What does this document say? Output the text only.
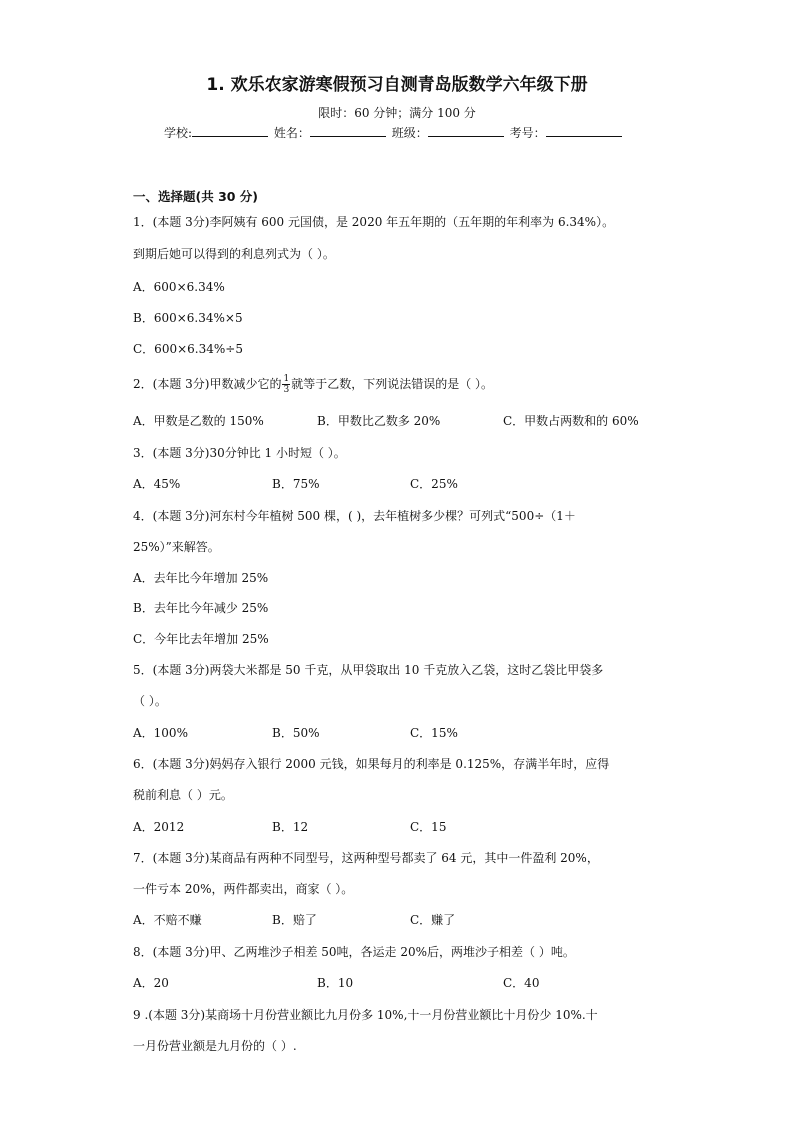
1. 欢乐农家游寒假预习自测青岛版数学六年级下册
限时：60 分钟；满分 100 分
学校:	姓名：	班级：	考号：
一、选择题(共 30 分)
1．(本题 3分)李阿姨有 600 元国债，是 2020 年五年期的（五年期的年利率为 6.34%）。
到期后她可以得到的利息列式为（ ）。
A．600×6.34%
B．600×6.34%×5
C．600×6.34%÷5
2．(本题 3分)甲数减少它的 $\frac{1}{3}$ 就等于乙数，下列说法错误的是（ ）。
A．甲数是乙数的 150%	B．甲数比乙数多 20%	C．甲数占两数和的 60%
3．(本题 3分)30分钟比 1 小时短（ ）。
A．45%	B．75%	C．25%
4．(本题 3分)河东村今年植树 500 棵，( )，去年植树多少棵？可列式“500÷（1＋
25%）”来解答。
A．去年比今年增加 25%
B．去年比今年减少 25%
C．今年比去年增加 25%
5．(本题 3分)两袋大米都是 50 千克，从甲袋取出 10 千克放入乙袋，这时乙袋比甲袋多
（ ）。
A．100%	B．50%	C．15%
6．(本题 3分)妈妈存入银行 2000 元钱，如果每月的利率是 0.125%，存满半年时，应得
税前利息（ ）元。
A．2012	B．12	C．15
7．(本题 3分)某商品有两种不同型号，这两种型号都卖了 64 元，其中一件盈利 20%，
一件亏本 20%，两件都卖出，商家（ ）。
A．不赔不赚	B．赔了	C．赚了
8．(本题 3分)甲、乙两堆沙子相差 50吨，各运走 20%后，两堆沙子相差（ ）吨。
A．20	B．10	C．40
9 .(本题 3分)某商场十月份营业额比九月份多 10%,十一月份营业额比十月份少 10%.十
一月份营业额是九月份的（ ）.
